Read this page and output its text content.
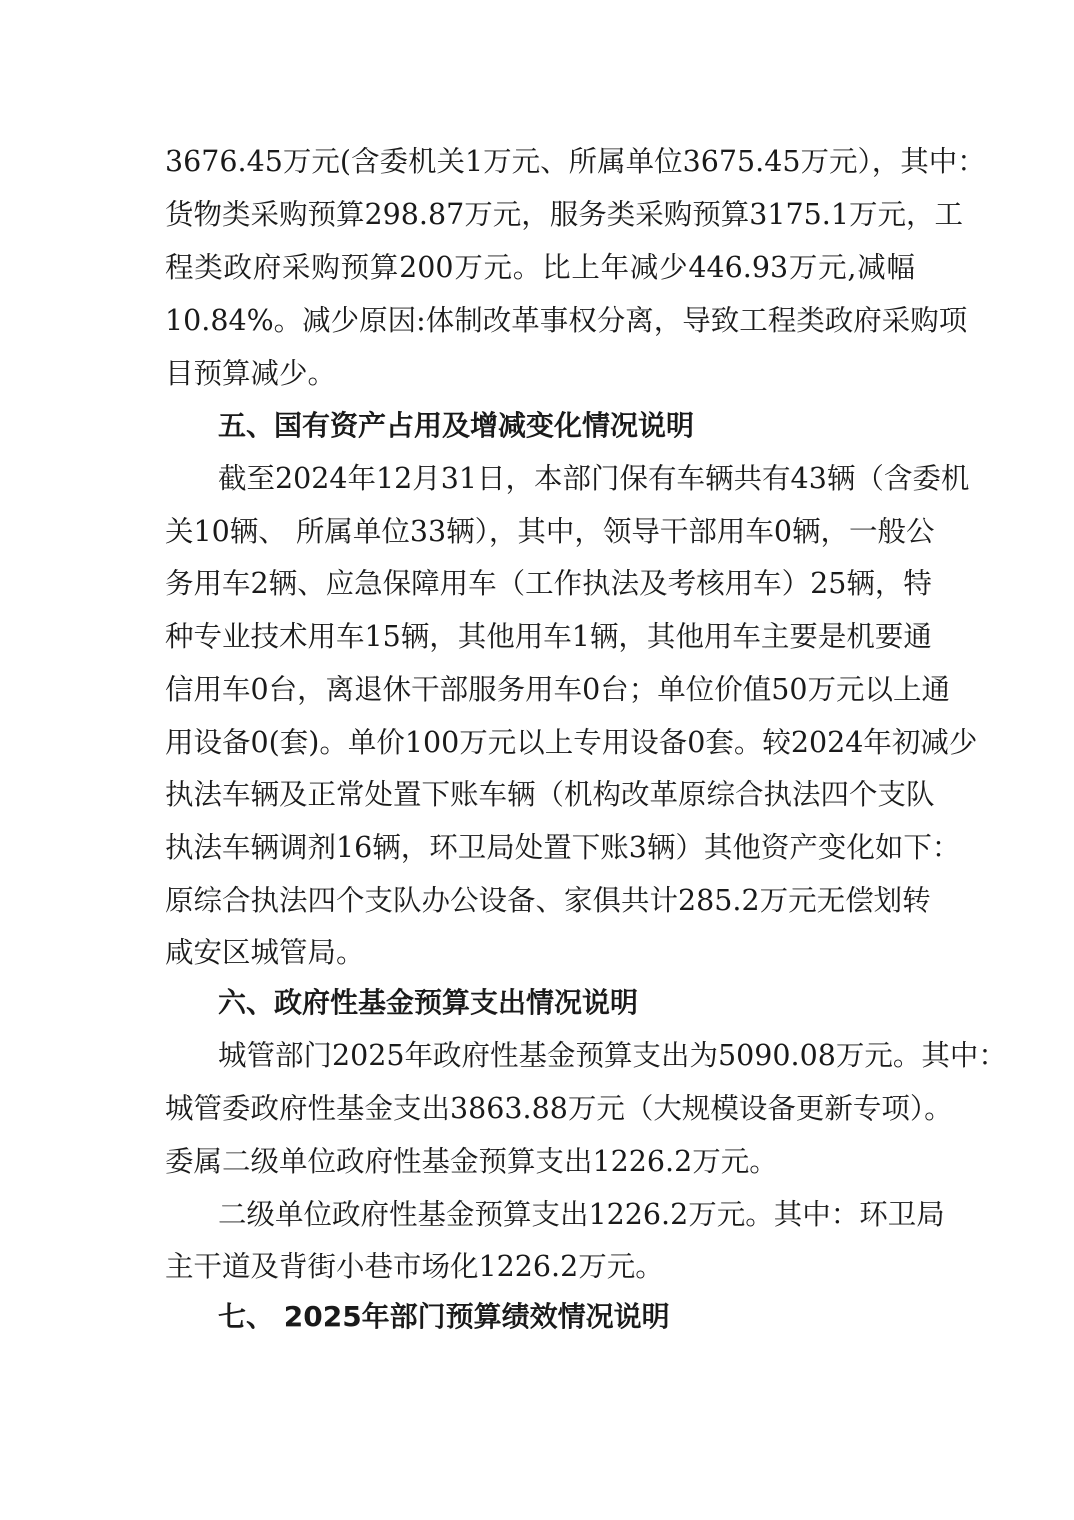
3676.45万元(含委机关1万元、所属单位3675.45万元），其中：
货物类采购预算298.87万元，服务类采购预算3175.1万元，工
程类政府采购预算200万元。比上年减少446.93万元,减幅
10.84%。减少原因:体制改革事权分离，导致工程类政府采购项
目预算减少。
五、国有资产占用及增减变化情况说明
截至2024年12月31日，本部门保有车辆共有43辆（含委机
关10辆、 所属单位33辆），其中，领导干部用车0辆，一般公
务用车2辆、应急保障用车（工作执法及考核用车）25辆，特
种专业技术用车15辆，其他用车1辆，其他用车主要是机要通
信用车0台，离退休干部服务用车0台；单位价值50万元以上通
用设备0(套)。单价100万元以上专用设备0套。较2024年初减少
执法车辆及正常处置下账车辆（机构改革原综合执法四个支队
执法车辆调剂16辆，环卫局处置下账3辆）其他资产变化如下：
原综合执法四个支队办公设备、家俱共计285.2万元无偿划转
咸安区城管局。
六、政府性基金预算支出情况说明
城管部门2025年政府性基金预算支出为5090.08万元。其中：
城管委政府性基金支出3863.88万元（大规模设备更新专项）。
委属二级单位政府性基金预算支出1226.2万元。
二级单位政府性基金预算支出1226.2万元。其中：环卫局
主干道及背街小巷市场化1226.2万元。
七、 2025年部门预算绩效情况说明
